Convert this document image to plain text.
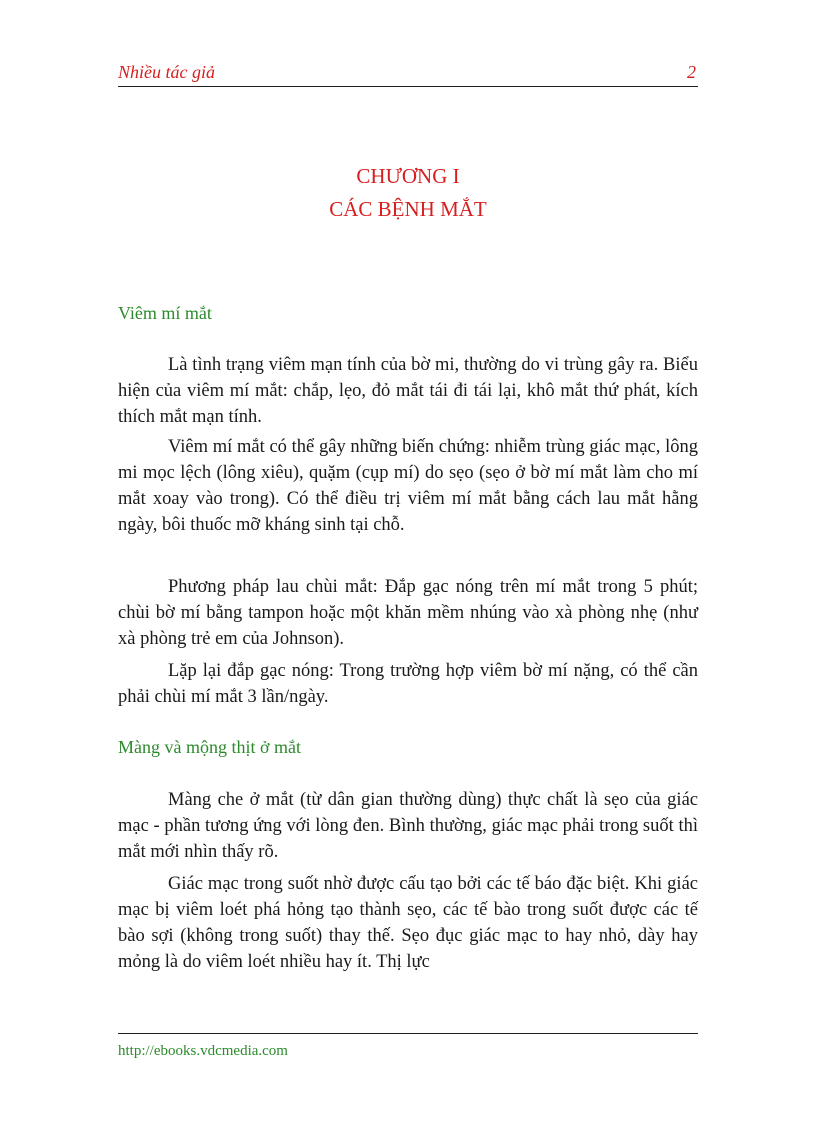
Nhiều tác giả	2
CHƯƠNG I
CÁC BỆNH MẮT
Viêm mí mắt

Là tình trạng viêm mạn tính của bờ mi, thường do vi trùng gây ra. Biểu hiện của viêm mí mắt: chắp, lẹo, đỏ mắt tái đi tái lại, khô mắt thứ phát, kích thích mắt mạn tính.

Viêm mí mắt có thể gây những biến chứng: nhiễm trùng giác mạc, lông mi mọc lệch (lông xiêu), quặm (cụp mí) do sẹo (sẹo ở bờ mí mắt làm cho mí mắt xoay vào trong). Có thể điều trị viêm mí mắt bằng cách lau mắt hằng ngày, bôi thuốc mỡ kháng sinh tại chỗ.

Phương pháp lau chùi mắt: Đắp gạc nóng trên mí mắt trong 5 phút; chùi bờ mí bằng tampon hoặc một khăn mềm nhúng vào xà phòng nhẹ (như xà phòng trẻ em của Johnson).

Lặp lại đắp gạc nóng: Trong trường hợp viêm bờ mí nặng, có thể cần phải chùi mí mắt 3 lần/ngày.

Màng và mộng thịt ở mắt

Màng che ở mắt (từ dân gian thường dùng) thực chất là sẹo của giác mạc - phần tương ứng với lòng đen. Bình thường, giác mạc phải trong suốt thì mắt mới nhìn thấy rõ.

Giác mạc trong suốt nhờ được cấu tạo bởi các tế báo đặc biệt. Khi giác mạc bị viêm loét phá hỏng tạo thành sẹo, các tế bào trong suốt được các tế bào sợi (không trong suốt) thay thế. Sẹo đục giác mạc to hay nhỏ, dày hay mỏng là do viêm loét nhiều hay ít. Thị lực

http://ebooks.vdcmedia.com
